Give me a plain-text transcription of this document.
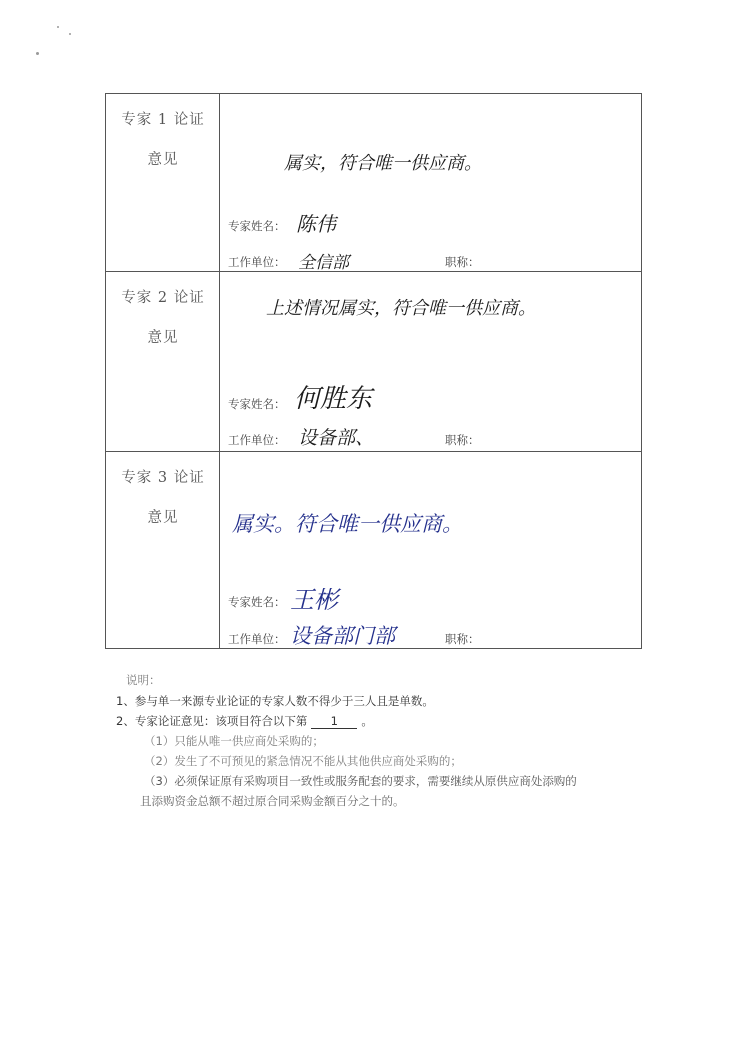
专家 1 论证
意见	属实，符合唯一供应商。
专家姓名： 陈伟
工作单位： 全信部	职称：
专家 2 论证
意见
上述情况属实，符合唯一供应商。
专家姓名： 何胜东
工作单位： 设备部、	职称：
专家 3 论证
意见	属实。符合唯一供应商。
专家姓名： 王彬
工作单位： 设备部门部	职称：
说明：
1、参与单一来源专业论证的专家人数不得少于三人且是单数。
2、专家论证意见：该项目符合以下第 1 。
（1）只能从唯一供应商处采购的；
（2）发生了不可预见的紧急情况不能从其他供应商处采购的；
（3）必须保证原有采购项目一致性或服务配套的要求，需要继续从原供应商处添购的
且添购资金总额不超过原合同采购金额百分之十的。
